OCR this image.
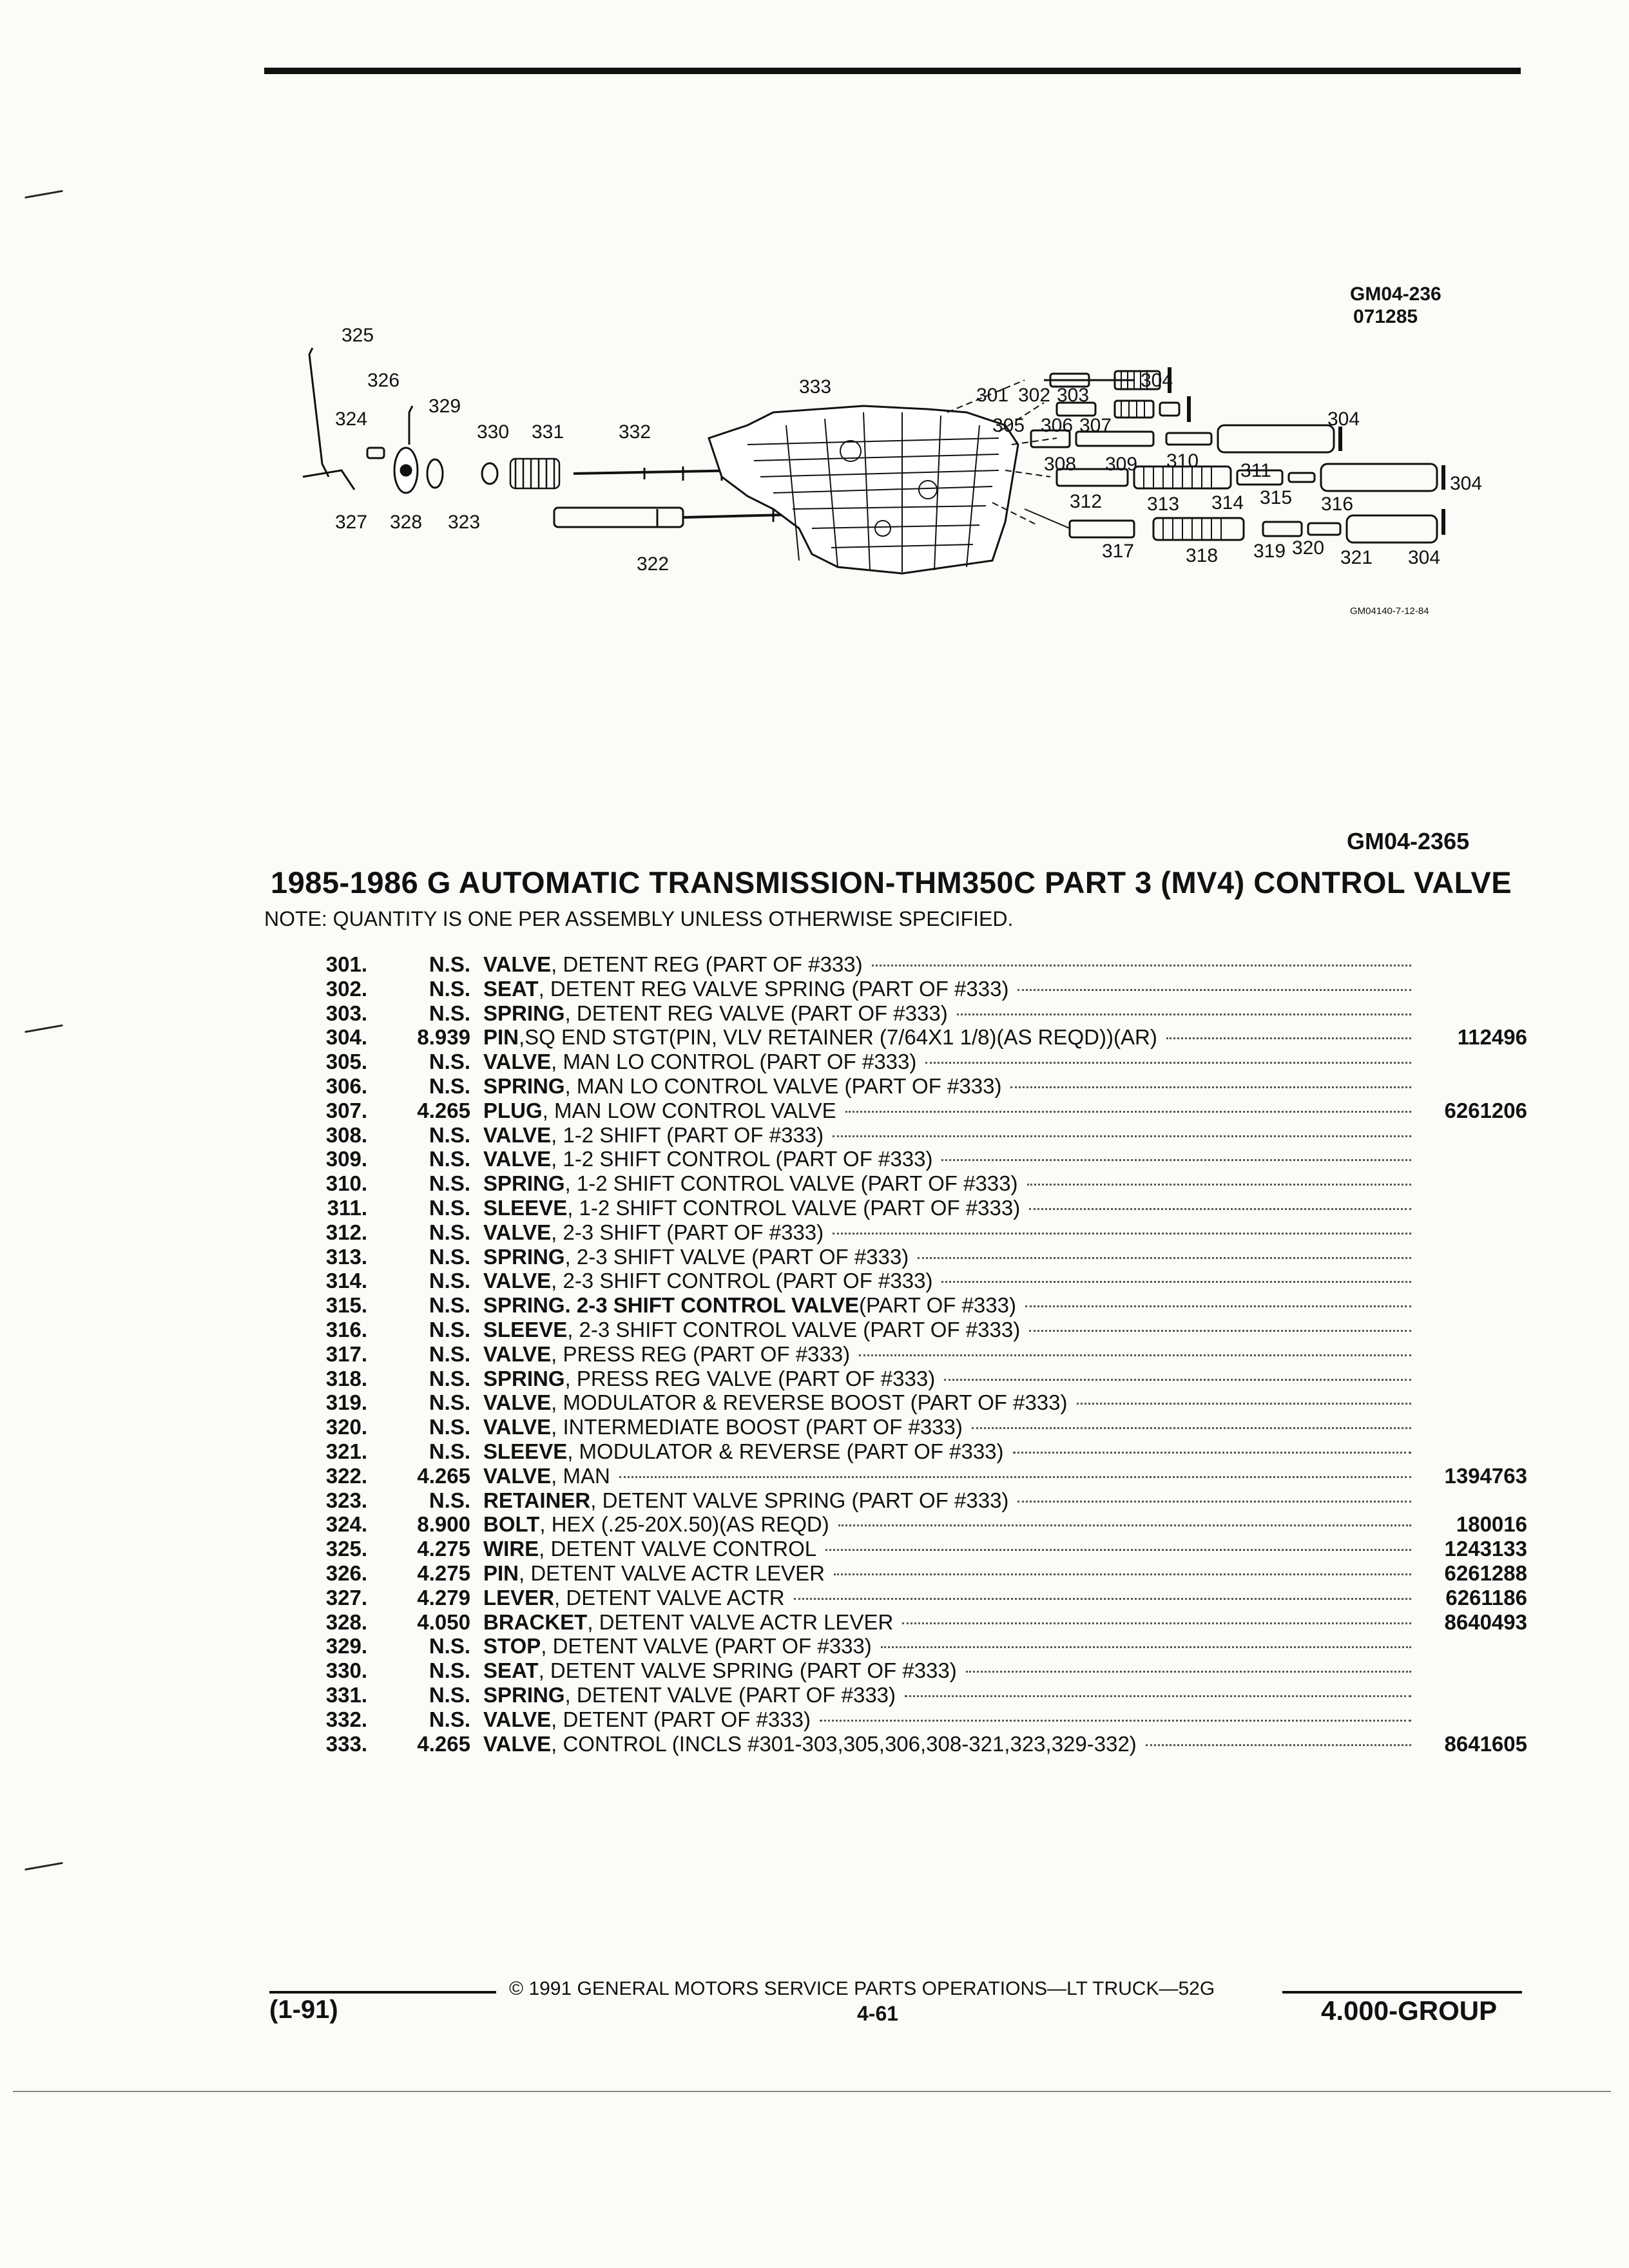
GM04-236
071285
325
326
324
329
330 331	332
333
327 328 323
322
301 302 303
304
305 306 307
308 309 310 311
312 313 314 315 316
317	318 319 320 321 304
304
304
GM04140-7-12-84
GM04-2365
1985-1986 G AUTOMATIC TRANSMISSION-THM350C PART 3 (MV4) CONTROL VALVE
NOTE: QUANTITY IS ONE PER ASSEMBLY UNLESS OTHERWISE SPECIFIED.
301.	N.S. VALVE , DETENT REG (PART OF #333)
302.	N.S. SEAT , DETENT REG VALVE SPRING (PART OF #333)
303.	N.S. SPRING , DETENT REG VALVE (PART OF #333)
304.	8.939 PIN ,SQ END STGT(PIN, VLV RETAINER (7/64X1 1/8)(AS REQD))(AR)	112496
305.	N.S. VALVE , MAN LO CONTROL (PART OF #333)
306.	N.S. SPRING , MAN LO CONTROL VALVE (PART OF #333)
307.	4.265 PLUG , MAN LOW CONTROL VALVE	6261206
308.	N.S. VALVE , 1-2 SHIFT (PART OF #333)
309.	N.S. VALVE , 1-2 SHIFT CONTROL (PART OF #333)
310.	N.S. SPRING , 1-2 SHIFT CONTROL VALVE (PART OF #333)
311.	N.S. SLEEVE , 1-2 SHIFT CONTROL VALVE (PART OF #333)
312.	N.S. VALVE , 2-3 SHIFT (PART OF #333)
313.	N.S. SPRING , 2-3 SHIFT VALVE (PART OF #333)
314.	N.S. VALVE , 2-3 SHIFT CONTROL (PART OF #333)
315.	N.S. SPRING. 2-3 SHIFT CONTROL VALVE (PART OF #333)
316.	N.S. SLEEVE , 2-3 SHIFT CONTROL VALVE (PART OF #333)
317.	N.S. VALVE , PRESS REG (PART OF #333)
318.	N.S. SPRING , PRESS REG VALVE (PART OF #333)
319.	N.S. VALVE , MODULATOR & REVERSE BOOST (PART OF #333)
320.	N.S. VALVE , INTERMEDIATE BOOST (PART OF #333)
321.	N.S. SLEEVE , MODULATOR & REVERSE (PART OF #333)
322.	4.265 VALVE , MAN	1394763
323.	N.S. RETAINER , DETENT VALVE SPRING (PART OF #333)
324.	8.900 BOLT , HEX (.25-20X.50)(AS REQD)	180016
325.	4.275 WIRE , DETENT VALVE CONTROL	1243133
326.	4.275 PIN , DETENT VALVE ACTR LEVER	6261288
327.	4.279 LEVER , DETENT VALVE ACTR	6261186
328.	4.050 BRACKET , DETENT VALVE ACTR LEVER	8640493
329.	N.S. STOP , DETENT VALVE (PART OF #333)
330.	N.S. SEAT , DETENT VALVE SPRING (PART OF #333)
331.	N.S. SPRING , DETENT VALVE (PART OF #333)
332.	N.S. VALVE , DETENT (PART OF #333)
333.	4.265 VALVE , CONTROL (INCLS #301-303,305,306,308-321,323,329-332)	8641605
© 1991 GENERAL MOTORS SERVICE PARTS OPERATIONS—LT TRUCK—52G
(1-91)	4-61	4.000-GROUP
